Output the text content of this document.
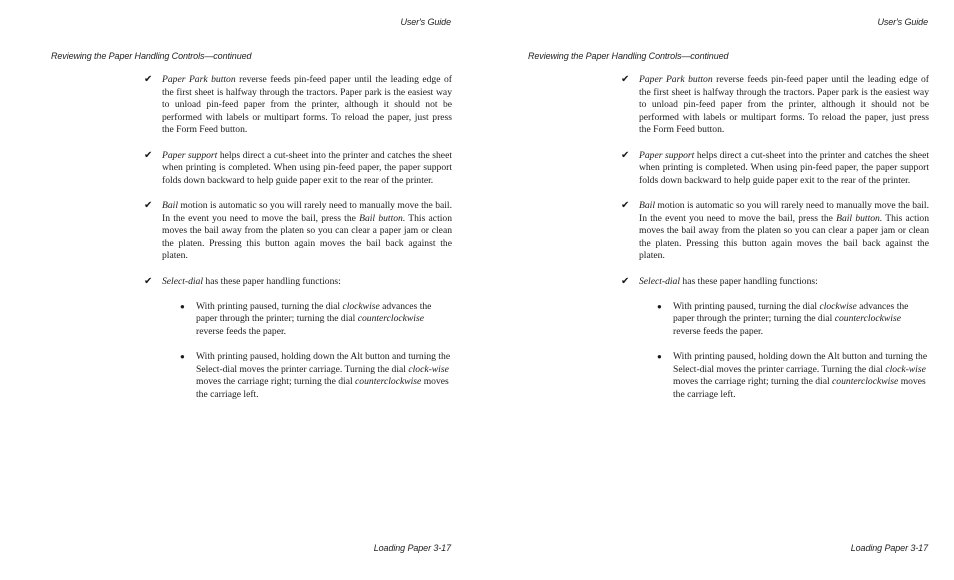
User's Guide
Reviewing the Paper Handling Controls—continued
✔ Paper Park button reverse feeds pin-feed paper until the leading edge of the first sheet is halfway through the tractors. Paper park is the easiest way to unload pin-feed paper from the printer, although it should not be performed with labels or multipart forms. To reload the paper, just press the Form Feed button.
✔ Paper support helps direct a cut-sheet into the printer and catches the sheet when printing is completed. When using pin-feed paper, the paper support folds down backward to help guide paper exit to the rear of the printer.
✔ Bail motion is automatic so you will rarely need to manually move the bail. In the event you need to move the bail, press the Bail button. This action moves the bail away from the platen so you can clear a paper jam or clean the platen. Pressing this button again moves the bail back against the platen.
✔ Select-dial has these paper handling functions:
● With printing paused, turning the dial clockwise advances the paper through the printer; turning the dial counterclockwise reverse feeds the paper.
● With printing paused, holding down the Alt button and turning the Select-dial moves the printer carriage. Turning the dial clock-wise moves the carriage right; turning the dial counterclockwise moves the carriage left.
Loading Paper 3-17
User's Guide
Reviewing the Paper Handling Controls—continued
✔ Paper Park button reverse feeds pin-feed paper until the leading edge of the first sheet is halfway through the tractors. Paper park is the easiest way to unload pin-feed paper from the printer, although it should not be performed with labels or multipart forms. To reload the paper, just press the Form Feed button.
✔ Paper support helps direct a cut-sheet into the printer and catches the sheet when printing is completed. When using pin-feed paper, the paper support folds down backward to help guide paper exit to the rear of the printer.
✔ Bail motion is automatic so you will rarely need to manually move the bail. In the event you need to move the bail, press the Bail button. This action moves the bail away from the platen so you can clear a paper jam or clean the platen. Pressing this button again moves the bail back against the platen.
✔ Select-dial has these paper handling functions:
● With printing paused, turning the dial clockwise advances the paper through the printer; turning the dial counterclockwise reverse feeds the paper.
● With printing paused, holding down the Alt button and turning the Select-dial moves the printer carriage. Turning the dial clock-wise moves the carriage right; turning the dial counterclockwise moves the carriage left.
Loading Paper 3-17
